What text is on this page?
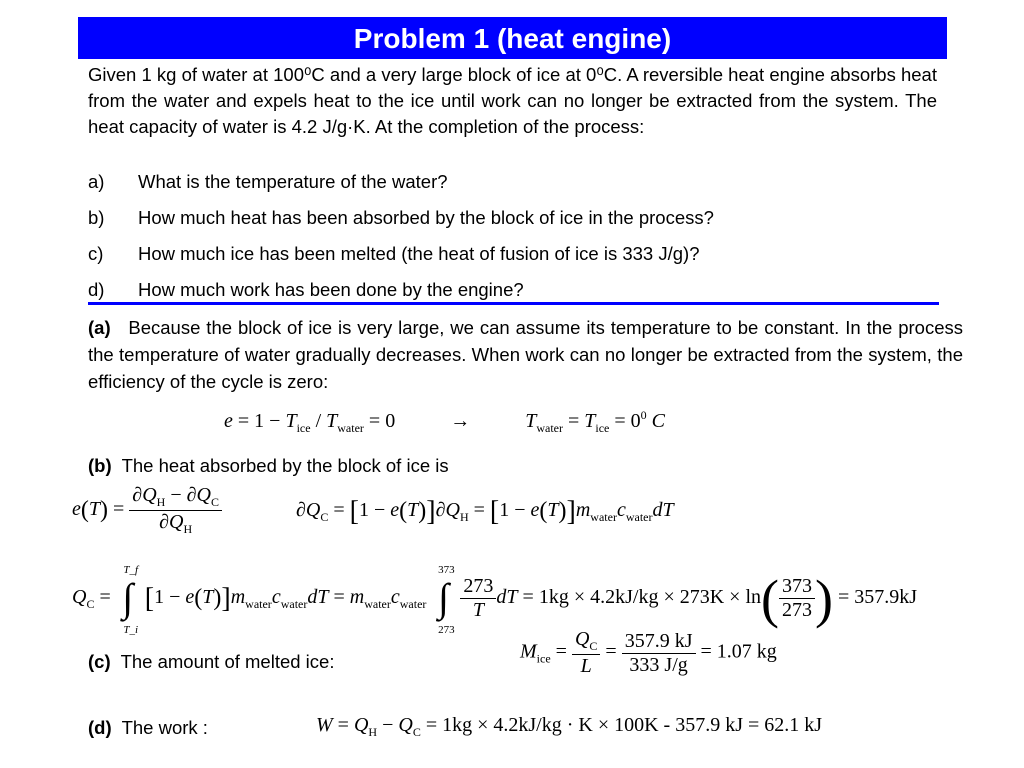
Problem 1 (heat engine)

Given 1 kg of water at 100⁰C and a very large block of ice at 0⁰C. A reversible heat engine absorbs heat from the water and expels heat to the ice until work can no longer be extracted from the system. The heat capacity of water is 4.2 J/g·K. At the completion of the process:

a) What is the temperature of the water?
b) How much heat has been absorbed by the block of ice in the process?
c) How much ice has been melted (the heat of fusion of ice is 333 J/g)?
d) How much work has been done by the engine?

(a) Because the block of ice is very large, we can assume its temperature to be constant. In the process the temperature of water gradually decreases. When work can no longer be extracted from the system, the efficiency of the cycle is zero:

$e = 1 - T_{ice} / T_{water} = 0$	→	$T_{water} = T_{ice} = 0^0$ C

(b) The heat absorbed by the block of ice is

$e(T) = \frac{\partial Q_H - \partial Q_C}{\partial Q_H}$	$\partial Q_C = [1 - e(T)]\partial Q_H = [1 - e(T)]m_{water}c_{water}dT$
$Q_C$ =
T_f
∫
T_i
$[1 - e(T)]m_{water}c_{water}dT = m_{water}c_{water}$
373
∫
273

$\frac{273}{T}$ dT = $1kg \times 4.2kJ/kg \times 273K \times \ln( \frac{373}{273}$ ) = 357.9kJ

(c) The amount of melted ice:	$M_{ice} = \frac{Q_C}{L} = \frac{357.9 kJ}{333 J/g} = 1.07$ kg

(d) The work :	$W = Q_H - Q_C = 1kg \times 4.2kJ/kg \cdot K \times 100K - 357.9$ kJ = 62.1 kJ
